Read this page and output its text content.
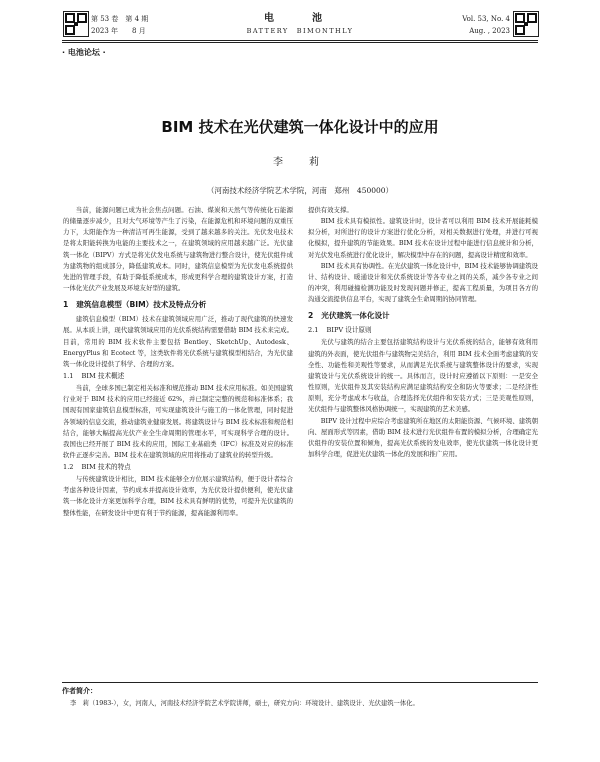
第 53 卷　第 4 期
2023 年　　8 月
电　池
BATTERY　BIMONTHLY
Vol. 53, No. 4
Aug. , 2023
· 电池论坛 ·
BIM 技术在光伏建筑一体化设计中的应用
李　莉
（河南技术经济学院艺术学院，河南　郑州　450000）

当前，能源问题已成为社会焦点问题。石油、煤炭和天然气等传统化石能源的储量逐步减少，且对大气环境等产生了污染，在能源危机和环境问题的双重压力下，太阳能作为一种清洁可再生能源，受到了越来越多的关注。光伏发电技术是将太阳能转换为电能的主要技术之一，在建筑领域的应用越来越广泛。光伏建筑一体化（BIPV）方式是将光伏发电系统与建筑物进行整合设计，使光伏组件成为建筑物的组成部分，降低建筑成本。同时，建筑信息模型为光伏发电系统提供先进的管理手段，有助于降低系统成本，形成更科学合理的建筑设计方案，打造一体化光伏产业发展及环境友好型的建筑。

1 建筑信息模型（BIM）技术及特点分析

建筑信息模型（BIM）技术在建筑领域应用广泛，推动了现代建筑的快速发展。从本质上讲，现代建筑领域应用的光伏系统结构需要借助 BIM 技术来完成。目前，常用的 BIM 技术软件主要包括 Bentley、SketchUp、Autodesk、EnergyPlus 和 Ecotect 等，这类软件将光伏系统与建筑模型相结合，为光伏建筑一体化设计提供了科学、合理的方案。

1.1 BIM 技术概述

当前，全球多国已制定相关标准和规范推动 BIM 技术应用标准。如美国建筑行业对于 BIM 技术的应用已经接近 62%，并已制定完整的规范和标准体系；我国现有国家建筑信息模型标准，可实现建筑设计与施工的一体化管理，同时促进各领域的信息交流，推动建筑业健康发展。将建筑设计与 BIM 技术标准和规范相结合，能够大幅提高光伏产业全生命周期的管理水平，可实现科学合理的设计。我国也已经开展了 BIM 技术的应用，国际工业基础类（IFC）标准及对应的标准软件正逐步完善。BIM 技术在建筑领域的应用将推动了建筑业的转型升级。

1.2 BIM 技术的特点

与传统建筑设计相比，BIM 技术能够全方位展示建筑结构，便于设计者综合考虑各种设计因素，节约成本并提高设计效率，为光伏设计提供便利，使光伏建筑一体化设计方案更加科学合理，BIM 技术具有鲜明的优势，可提升光伏建筑的整体性能，在研发设计中更有利于节约能源，提高能源利用率。

提供有效支撑。

BIM 技术具有模拟性。建筑设计时，设计者可以利用 BIM 技术开展能耗模拟分析，对所进行的设计方案进行优化分析，对相关数据进行处理，并进行可视化模拟，提升建筑的节能效果。BIM 技术在设计过程中能进行信息统计和分析，对光伏发电系统进行优化设计，解决模型中存在的问题，提高设计精度和效率。

BIM 技术具有协调性。在光伏建筑一体化设计中，BIM 技术能够协调建筑设计、结构设计、暖通设计和光伏系统设计等各专业之间的关系，减少各专业之间的冲突，利用碰撞检测功能及时发现问题并修正，提高工程质量，为项目各方的沟通交流提供信息平台，实现了建筑全生命周期的协同管理。

2 光伏建筑一体化设计
2.1 BIPV 设计原则

光伏与建筑的结合主要包括建筑结构设计与光伏系统的结合，能够有效利用建筑的外表面，使光伏组件与建筑物完美结合，利用 BIM 技术全面考虑建筑的安全性、功能性和美观性等要求，从而满足光伏系统与建筑整体设计的要求，实现建筑设计与光伏系统设计的统一。具体而言，设计时应遵循以下原则：一是安全性原则，光伏组件及其安装结构应满足建筑结构安全和防火等要求；二是经济性原则，充分考虑成本与收益，合理选择光伏组件和安装方式；三是美观性原则，光伏组件与建筑整体风格协调统一，实现建筑的艺术美感。

BIPV 设计过程中应综合考虑建筑所在地区的太阳能资源、气候环境、建筑朝向、屋面形式等因素，借助 BIM 技术进行光伏组件布置的模拟分析，合理确定光伏组件的安装位置和倾角，提高光伏系统的发电效率，使光伏建筑一体化设计更加科学合理，促进光伏建筑一体化的发展和推广应用。

作者简介：
李　莉（1983-），女，河南人，河南技术经济学院艺术学院讲师，硕士，研究方向：环境设计、建筑设计、光伏建筑一体化。
